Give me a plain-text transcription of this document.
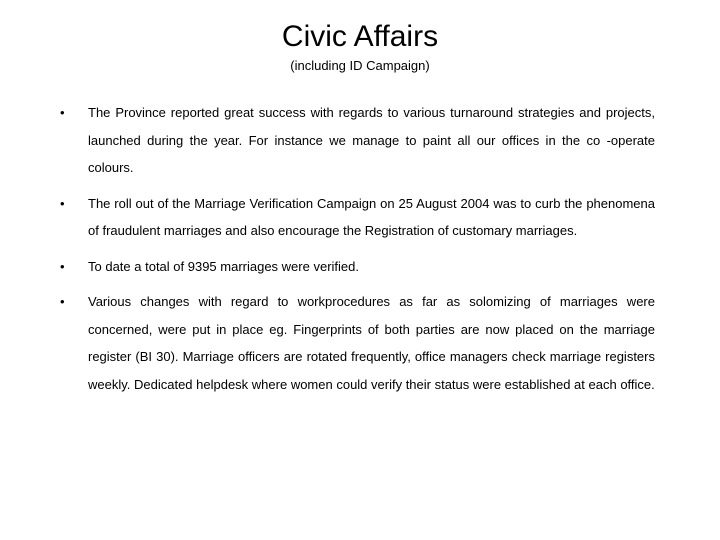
Civic Affairs
(including ID Campaign)
• The Province reported great success with regards to various turnaround strategies and projects, launched during the year. For instance we manage to paint all our offices in the co -operate colours.
• The roll out of the Marriage Verification Campaign on 25 August 2004 was to curb the phenomena of fraudulent marriages and also encourage the Registration of customary marriages.
• To date a total of 9395 marriages were verified.
• Various changes with regard to workprocedures as far as solomizing of marriages were concerned, were put in place eg. Fingerprints of both parties are now placed on the marriage register (BI 30). Marriage officers are rotated frequently, office managers check marriage registers weekly. Dedicated helpdesk where women could verify their status were established at each office.
